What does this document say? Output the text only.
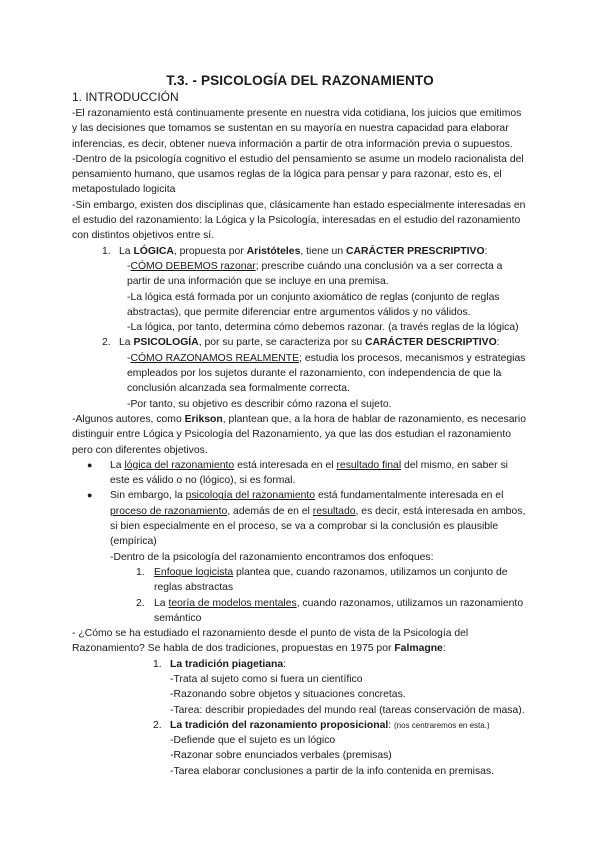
T.3. - PSICOLOGÍA DEL RAZONAMIENTO
1. INTRODUCCIÓN

-El razonamiento está continuamente presente en nuestra vida cotidiana, los juicios que emitimos y las decisiones que tomamos se sustentan en su mayoría en nuestra capacidad para elaborar inferencias, es decir, obtener nueva información a partir de otra información previa o supuestos.

-Dentro de la psicología cognitivo el estudio del pensamiento se asume un modelo racionalista del pensamiento humano, que usamos reglas de la lógica para pensar y para razonar, esto es, el metapostulado logicita

-Sin embargo, existen dos disciplinas que, clásicamente han estado especialmente interesadas en el estudio del razonamiento: la Lógica y la Psicología, interesadas en el estudio del razonamiento con distintos objetivos entre sí.

1. La LÓGICA, propuesta por Aristóteles, tiene un CARÁCTER PRESCRIPTIVO:
-CÓMO DEBEMOS razonar; prescribe cuándo una conclusión va a ser correcta a partir de una información que se incluye en una premisa.
-La lógica está formada por un conjunto axiomático de reglas (conjunto de reglas abstractas), que permite diferenciar entre argumentos válidos y no válidos.
-La lógica, por tanto, determina cómo debemos razonar. (a través reglas de la lógica)
2. La PSICOLOGÍA, por su parte, se caracteriza por su CARÁCTER DESCRIPTIVO:
-CÓMO RAZONAMOS REALMENTE; estudia los procesos, mecanismos y estrategias empleados por los sujetos durante el razonamiento, con independencia de que la conclusión alcanzada sea formalmente correcta.
-Por tanto, su objetivo es describir cómo razona el sujeto.

-Algunos autores, como Erikson, plantean que, a la hora de hablar de razonamiento, es necesario distinguir entre Lógica y Psicología del Razonamiento, ya que las dos estudian el razonamiento pero con diferentes objetivos.

● La lógica del razonamiento está interesada en el resultado final del mismo, en saber si este es válido o no (lógico), si es formal.
● Sin embargo, la psicología del razonamiento está fundamentalmente interesada en el proceso de razonamiento, además de en el resultado, es decir, está interesada en ambos, si bien especialmente en el proceso, se va a comprobar si la conclusión es plausible (empírica)
-Dentro de la psicología del razonamiento encontramos dos enfoques:
1. Enfoque logicista plantea que, cuando razonamos, utilizamos un conjunto de reglas abstractas
2. La teoría de modelos mentales, cuando razonamos, utilizamos un razonamiento semántico

- ¿Cómo se ha estudiado el razonamiento desde el punto de vista de la Psicología del Razonamiento? Se habla de dos tradiciones, propuestas en 1975 por Falmagne:

1. La tradición piagetiana:
-Trata al sujeto como si fuera un científico
-Razonando sobre objetos y situaciones concretas.
-Tarea: describir propiedades del mundo real (tareas conservación de masa).
2. La tradición del razonamiento proposicional: (nos centraremos en esta.)
-Defiende que el sujeto es un lógico
-Razonar sobre enunciados verbales (premisas)
-Tarea elaborar conclusiones a partir de la info contenida en premisas.
